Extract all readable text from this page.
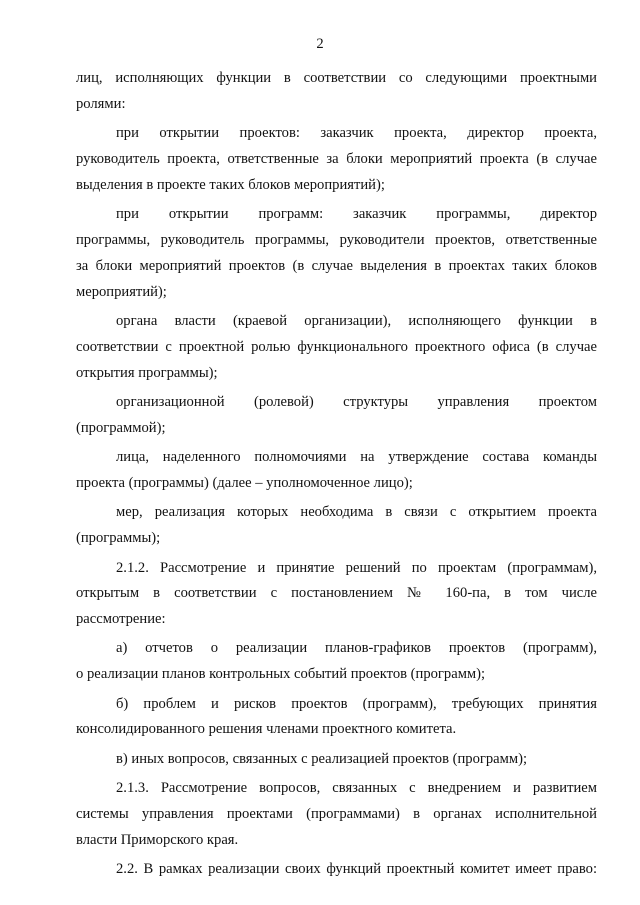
2
лиц, исполняющих функции в соответствии со следующими проектными
ролями:
при открытии проектов: заказчик проекта, директор проекта,
руководитель проекта, ответственные за блоки мероприятий проекта (в случае
выделения в проекте таких блоков мероприятий);
при открытии программ: заказчик программы, директор
программы, руководитель программы, руководители проектов, ответственные
за блоки мероприятий проектов (в случае выделения в проектах таких блоков
мероприятий);
органа власти (краевой организации), исполняющего функции в
соответствии с проектной ролью функционального проектного офиса (в случае
открытия программы);
организационной (ролевой) структуры управления проектом
(программой);
лица, наделенного полномочиями на утверждение состава команды
проекта (программы) (далее – уполномоченное лицо);
мер, реализация которых необходима в связи с открытием проекта
(программы);
2.1.2. Рассмотрение и принятие решений по проектам (программам),
открытым в соответствии с постановлением № 160-па, в том числе
рассмотрение:
а) отчетов о реализации планов-графиков проектов (программ),
о реализации планов контрольных событий проектов (программ);
б) проблем и рисков проектов (программ), требующих принятия
консолидированного решения членами проектного комитета.
в) иных вопросов, связанных с реализацией проектов (программ);
2.1.3. Рассмотрение вопросов, связанных с внедрением и развитием
системы управления проектами (программами) в органах исполнительной
власти Приморского края.
2.2. В рамках реализации своих функций проектный комитет имеет право:
